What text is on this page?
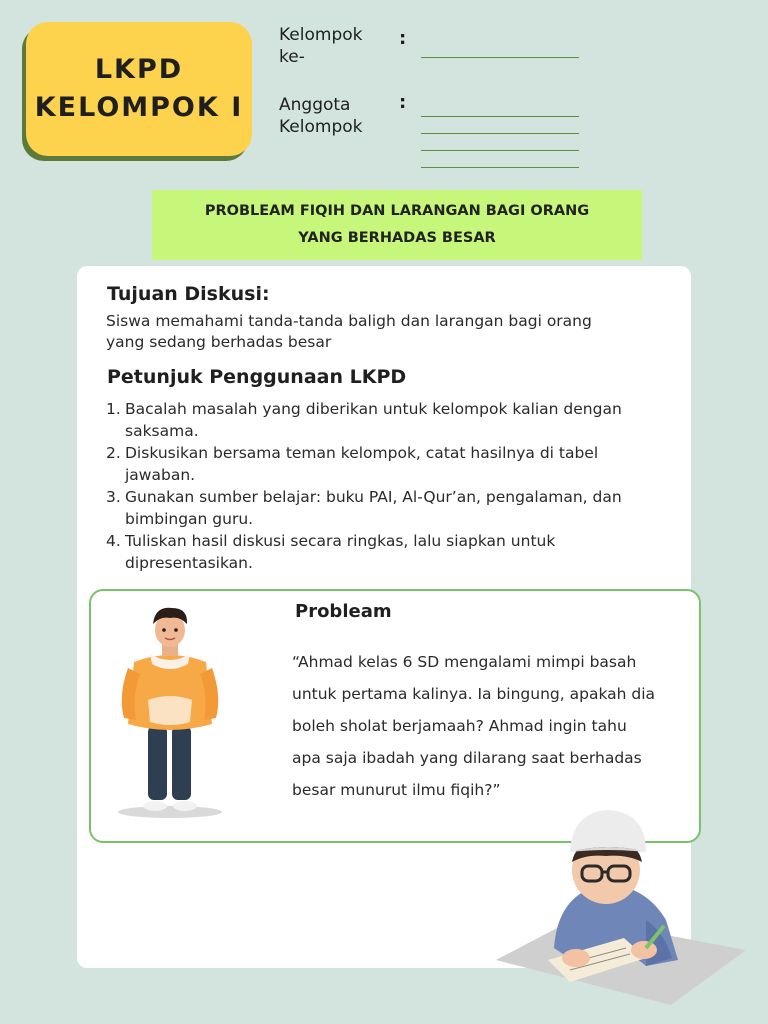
LKPD
KELOMPOK I
Kelompok
ke-
:
Anggota
Kelompok
:
PROBLEAM FIQIH DAN LARANGAN BAGI ORANG
YANG BERHADAS BESAR
Tujuan Diskusi:
Siswa memahami tanda-tanda baligh dan larangan bagi orang
yang sedang berhadas besar
Petunjuk Penggunaan LKPD
1. Bacalah masalah yang diberikan untuk kelompok kalian dengan
saksama.
2. Diskusikan bersama teman kelompok, catat hasilnya di tabel
jawaban.
3. Gunakan sumber belajar: buku PAI, Al-Qur’an, pengalaman, dan
bimbingan guru.
4. Tuliskan hasil diskusi secara ringkas, lalu siapkan untuk
dipresentasikan.
Probleam
“Ahmad kelas 6 SD mengalami mimpi basah
untuk pertama kalinya. Ia bingung, apakah dia
boleh sholat berjamaah? Ahmad ingin tahu
apa saja ibadah yang dilarang saat berhadas
besar munurut ilmu fiqih?”
